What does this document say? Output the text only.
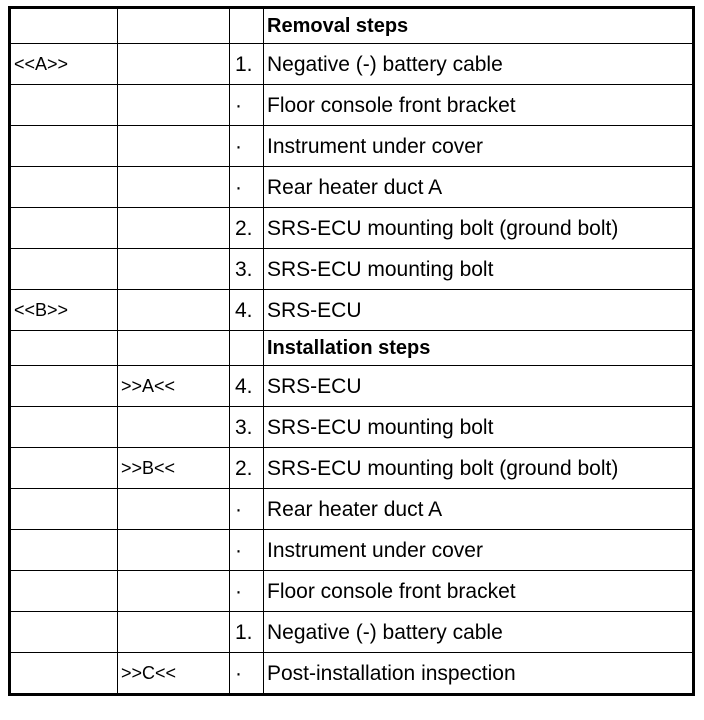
			Removal steps
<<A>>		1.	Negative (-) battery cable
		·	Floor console front bracket
		·	Instrument under cover
		·	Rear heater duct A
		2.	SRS-ECU mounting bolt (ground bolt)
		3.	SRS-ECU mounting bolt
<<B>>		4.	SRS-ECU
			Installation steps
	>>A<<	4.	SRS-ECU
		3.	SRS-ECU mounting bolt
	>>B<<	2.	SRS-ECU mounting bolt (ground bolt)
		·	Rear heater duct A
		·	Instrument under cover
		·	Floor console front bracket
		1.	Negative (-) battery cable
	>>C<<	·	Post-installation inspection
